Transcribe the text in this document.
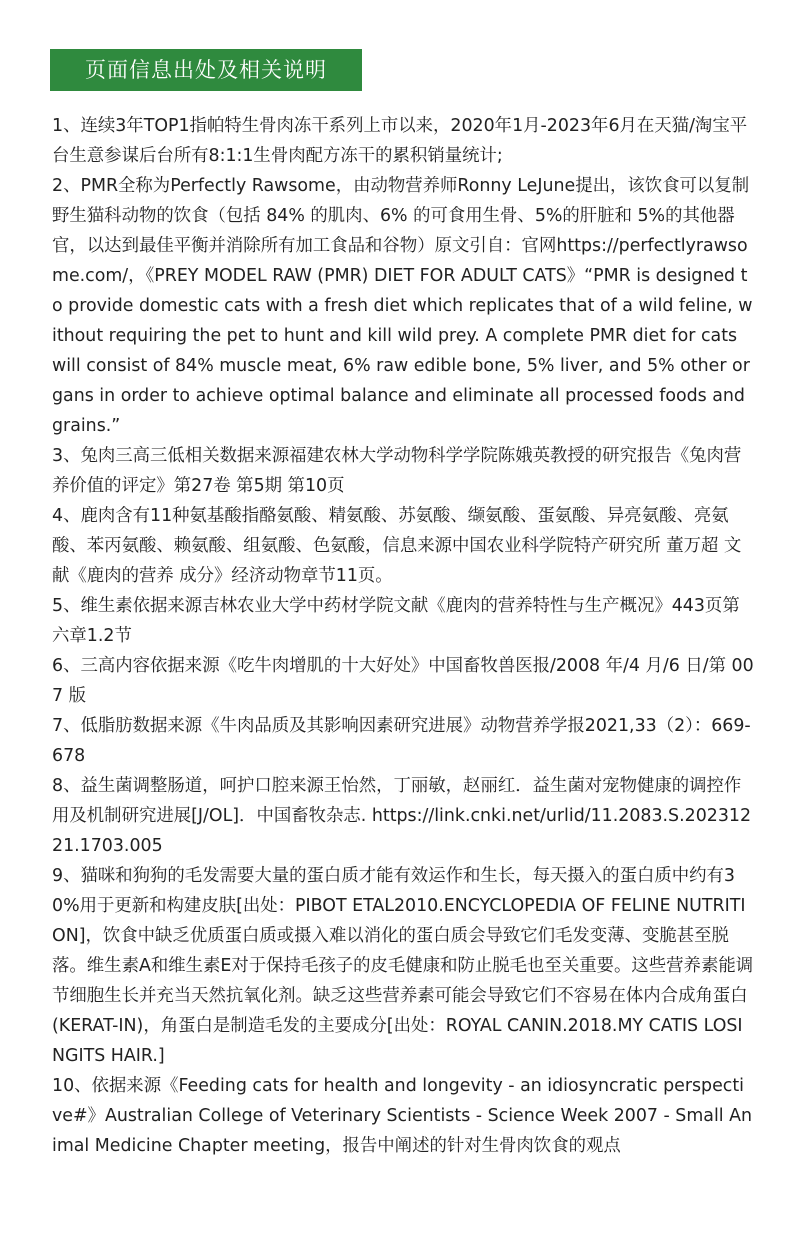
页面信息出处及相关说明

1、连续3年TOP1指帕特生骨肉冻干系列上市以来，2020年1月-2023年6月在天猫/淘宝平台生意参谋后台所有8:1:1生骨肉配方冻干的累积销量统计;

2、PMR全称为Perfectly Rawsome，由动物营养师Ronny LeJune提出，该饮食可以复制野生猫科动物的饮食（包括 84% 的肌肉、6% 的可食用生骨、5%的肝脏和 5%的其他器官，以达到最佳平衡并消除所有加工食品和谷物）原文引自：官网https://perfectlyrawsome.com/，《PREY MODEL RAW (PMR) DIET FOR ADULT CATS》“PMR is designed to provide domestic cats with a fresh diet which replicates that of a wild feline, without requiring the pet to hunt and kill wild prey. A complete PMR diet for cats will consist of 84% muscle meat, 6% raw edible bone, 5% liver, and 5% other organs in order to achieve optimal balance and eliminate all processed foods and grains.”

3、兔肉三高三低相关数据来源福建农林大学动物科学学院陈娥英教授的研究报告《兔肉营养价值的评定》第27卷 第5期 第10页

4、鹿肉含有11种氨基酸指酪氨酸、精氨酸、苏氨酸、缬氨酸、蛋氨酸、异亮氨酸、亮氨酸、苯丙氨酸、赖氨酸、组氨酸、色氨酸，信息来源中国农业科学院特产研究所 董万超 文献《鹿肉的营养 成分》经济动物章节11页。

5、维生素依据来源吉林农业大学中药材学院文献《鹿肉的营养特性与生产概况》443页第六章1.2节

6、三高内容依据来源《吃牛肉增肌的十大好处》中国畜牧兽医报/2008 年/4 月/6 日/第 007 版

7、低脂肪数据来源《牛肉品质及其影响因素研究进展》动物营养学报2021,33（2）：669-678

8、益生菌调整肠道，呵护口腔来源王怡然，丁丽敏，赵丽红．益生菌对宠物健康的调控作用及机制研究进展[J/OL]．中国畜牧杂志. https://link.cnki.net/urlid/11.2083.S.20231221.1703.005

9、猫咪和狗狗的毛发需要大量的蛋白质才能有效运作和生长，每天摄入的蛋白质中约有30%用于更新和构建皮肤[出处：PIBOT ETAL2010.ENCYCLOPEDIA OF FELINE NUTRITION]，饮食中缺乏优质蛋白质或摄入难以消化的蛋白质会导致它们毛发变薄、变脆甚至脱落。维生素A和维生素E对于保持毛孩子的皮毛健康和防止脱毛也至关重要。这些营养素能调节细胞生长并充当天然抗氧化剂。缺乏这些营养素可能会导致它们不容易在体内合成角蛋白 (KERAT-IN)，角蛋白是制造毛发的主要成分[出处：ROYAL CANIN.2018.MY CATIS LOSINGITS HAIR.]

10、依据来源《Feeding cats for health and longevity - an idiosyncratic perspective#》Australian College of Veterinary Scientists - Science Week 2007 - Small Animal Medicine Chapter meeting，报告中阐述的针对生骨肉饮食的观点
